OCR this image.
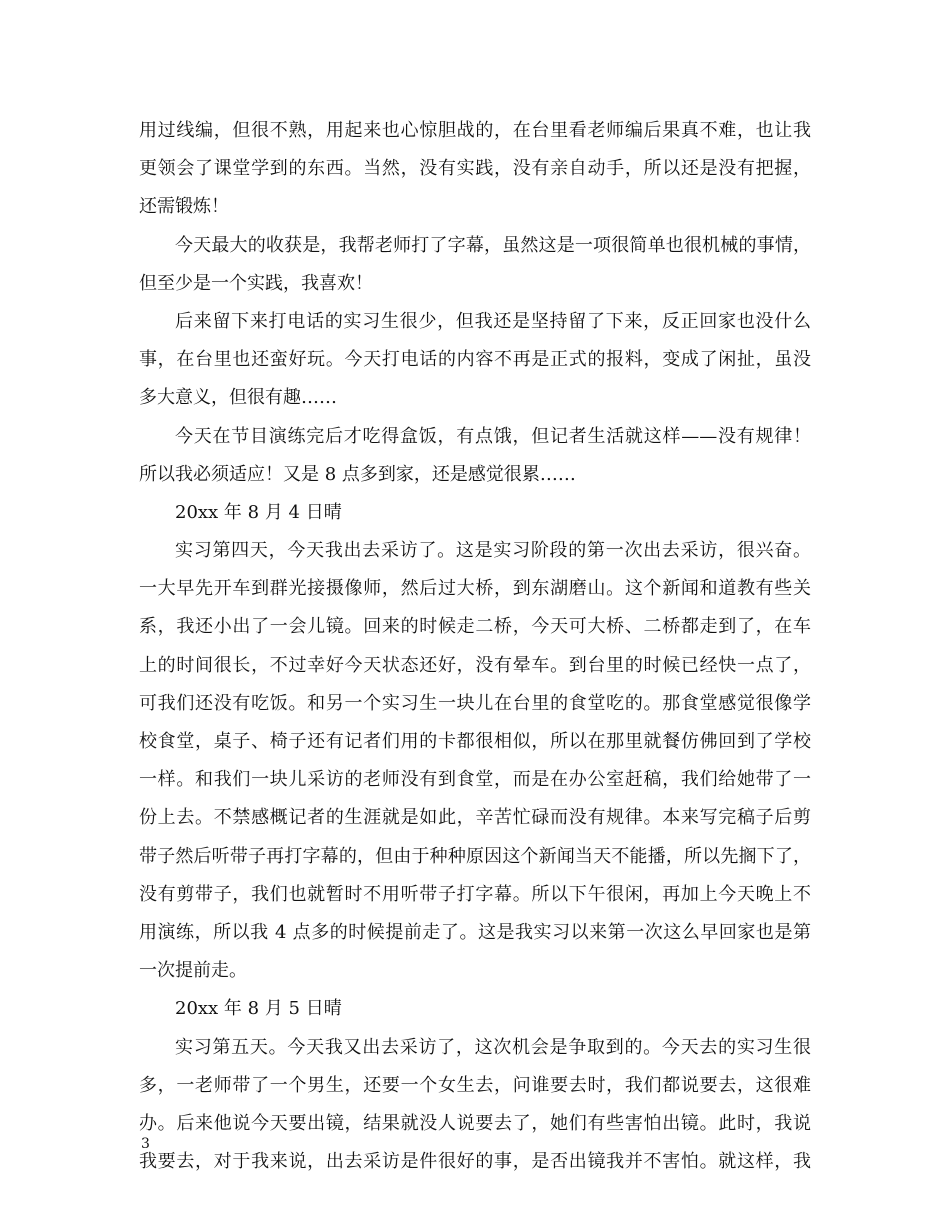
用过线编，但很不熟，用起来也心惊胆战的，在台里看老师编后果真不难，也让我
更领会了课堂学到的东西。当然，没有实践，没有亲自动手，所以还是没有把握，
还需锻炼！
今天最大的收获是，我帮老师打了字幕，虽然这是一项很简单也很机械的事情，
但至少是一个实践，我喜欢！
后来留下来打电话的实习生很少，但我还是坚持留了下来，反正回家也没什么
事，在台里也还蛮好玩。今天打电话的内容不再是正式的报料，变成了闲扯，虽没
多大意义，但很有趣……
今天在节目演练完后才吃得盒饭，有点饿，但记者生活就这样——没有规律！
所以我必须适应！又是 8 点多到家，还是感觉很累……
20xx 年 8 月 4 日晴
实习第四天，今天我出去采访了。这是实习阶段的第一次出去采访，很兴奋。
一大早先开车到群光接摄像师，然后过大桥，到东湖磨山。这个新闻和道教有些关
系，我还小出了一会儿镜。回来的时候走二桥，今天可大桥、二桥都走到了，在车
上的时间很长，不过幸好今天状态还好，没有晕车。到台里的时候已经快一点了，
可我们还没有吃饭。和另一个实习生一块儿在台里的食堂吃的。那食堂感觉很像学
校食堂，桌子、椅子还有记者们用的卡都很相似，所以在那里就餐仿佛回到了学校
一样。和我们一块儿采访的老师没有到食堂，而是在办公室赶稿，我们给她带了一
份上去。不禁感概记者的生涯就是如此，辛苦忙碌而没有规律。本来写完稿子后剪
带子然后听带子再打字幕的，但由于种种原因这个新闻当天不能播，所以先搁下了，
没有剪带子，我们也就暂时不用听带子打字幕。所以下午很闲，再加上今天晚上不
用演练，所以我 4 点多的时候提前走了。这是我实习以来第一次这么早回家也是第
一次提前走。
20xx 年 8 月 5 日晴
实习第五天。今天我又出去采访了，这次机会是争取到的。今天去的实习生很
多，一老师带了一个男生，还要一个女生去，问谁要去时，我们都说要去，这很难
办。后来他说今天要出镜，结果就没人说要去了，她们有些害怕出镜。此时，我说
我要去，对于我来说，出去采访是件很好的事，是否出镜我并不害怕。就这样，我
3
